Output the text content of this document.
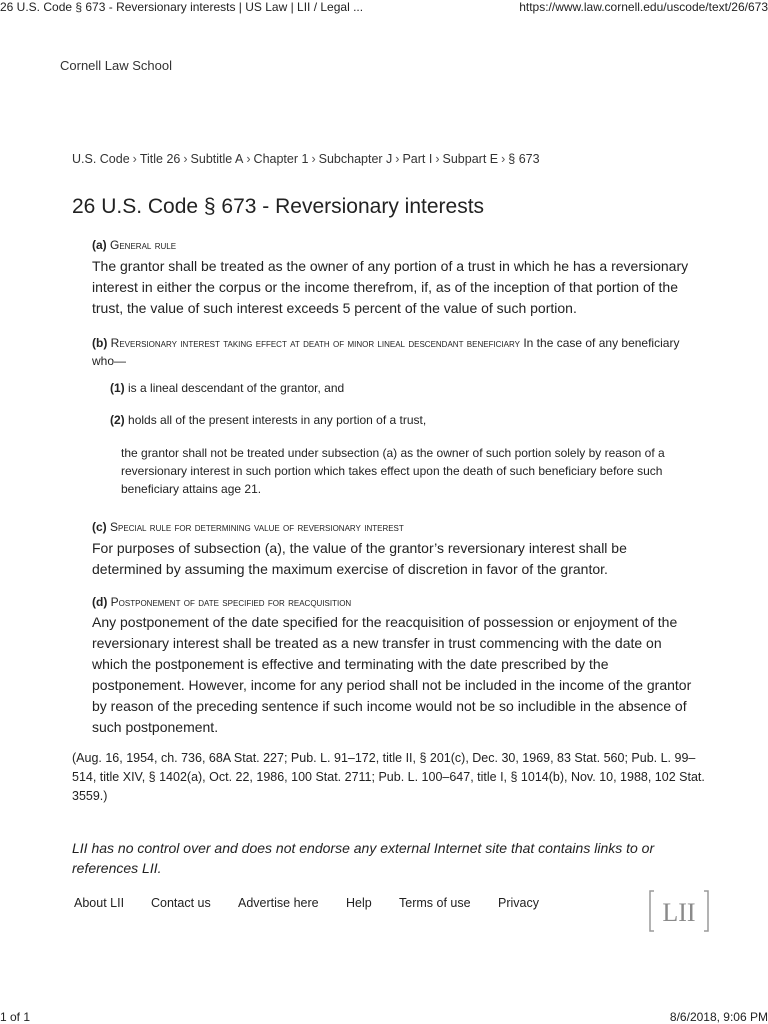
26 U.S. Code § 673 - Reversionary interests | US Law | LII / Legal ...	https://www.law.cornell.edu/uscode/text/26/673
Cornell Law School
U.S. Code › Title 26 › Subtitle A › Chapter 1 › Subchapter J › Part I › Subpart E › § 673
26 U.S. Code § 673 - Reversionary interests
(a) General rule
The grantor shall be treated as the owner of any portion of a trust in which he has a reversionary interest in either the corpus or the income therefrom, if, as of the inception of that portion of the trust, the value of such interest exceeds 5 percent of the value of such portion.
(b) Reversionary interest taking effect at death of minor lineal descendant beneficiary In the case of any beneficiary who—
(1) is a lineal descendant of the grantor, and
(2) holds all of the present interests in any portion of a trust,
the grantor shall not be treated under subsection (a) as the owner of such portion solely by reason of a reversionary interest in such portion which takes effect upon the death of such beneficiary before such beneficiary attains age 21.
(c) Special rule for determining value of reversionary interest
For purposes of subsection (a), the value of the grantor’s reversionary interest shall be determined by assuming the maximum exercise of discretion in favor of the grantor.
(d) Postponement of date specified for reacquisition
Any postponement of the date specified for the reacquisition of possession or enjoyment of the reversionary interest shall be treated as a new transfer in trust commencing with the date on which the postponement is effective and terminating with the date prescribed by the postponement. However, income for any period shall not be included in the income of the grantor by reason of the preceding sentence if such income would not be so includible in the absence of such postponement.
(Aug. 16, 1954, ch. 736, 68A Stat. 227; Pub. L. 91–172, title II, § 201(c), Dec. 30, 1969, 83 Stat. 560; Pub. L. 99–514, title XIV, § 1402(a), Oct. 22, 1986, 100 Stat. 2711; Pub. L. 100–647, title I, § 1014(b), Nov. 10, 1988, 102 Stat. 3559.)
LII has no control over and does not endorse any external Internet site that contains links to or references LII.
About LII Contact us Advertise here Help Terms of use Privacy	LII
1 of 1	8/6/2018, 9:06 PM
